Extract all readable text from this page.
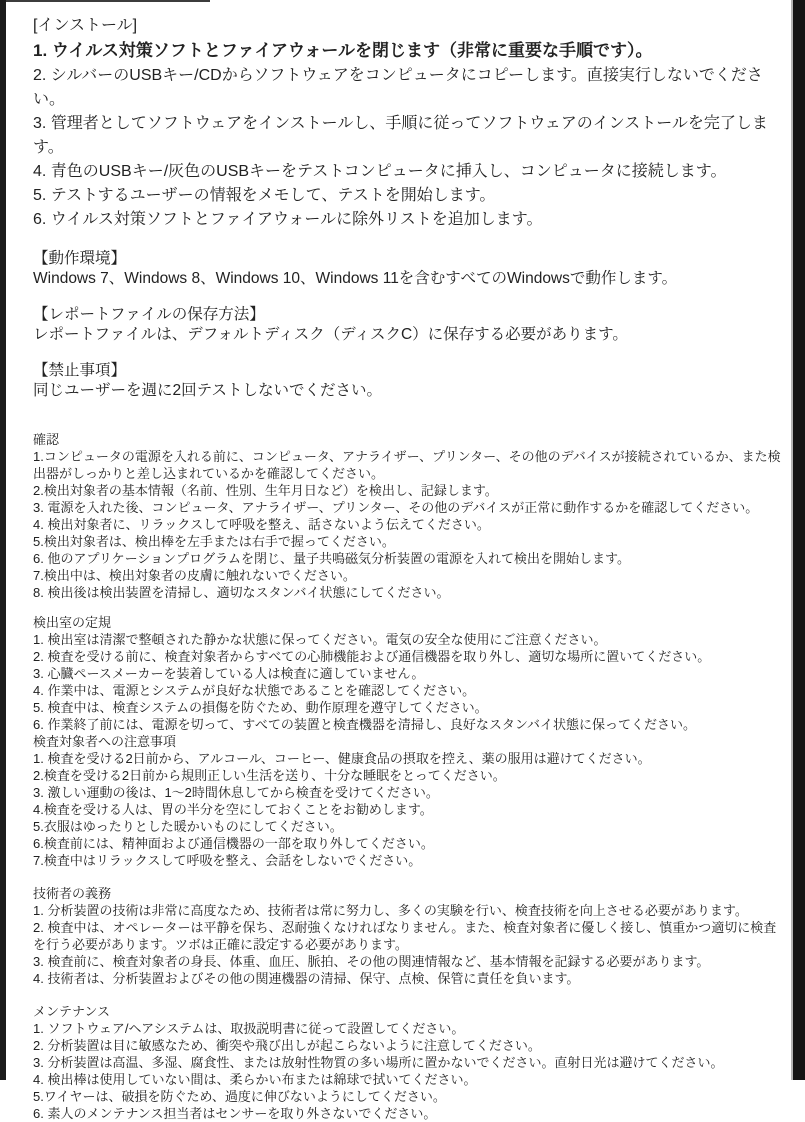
[インストール]

1. ウイルス対策ソフトとファイアウォールを閉じます（非常に重要な手順です）。

2. シルバーのUSBキー/CDからソフトウェアをコンピュータにコピーします。直接実行しないでください。

3. 管理者としてソフトウェアをインストールし、手順に従ってソフトウェアのインストールを完了します。

4. 青色のUSBキー/灰色のUSBキーをテストコンピュータに挿入し、コンピュータに接続します。

5. テストするユーザーの情報をメモして、テストを開始します。

6. ウイルス対策ソフトとファイアウォールに除外リストを追加します。

【動作環境】

Windows 7、Windows 8、Windows 10、Windows 11を含むすべてのWindowsで動作します。

【レポートファイルの保存方法】

レポートファイルは、デフォルトディスク（ディスクC）に保存する必要があります。

【禁止事項】

同じユーザーを週に2回テストしないでください。

確認

1.コンピュータの電源を入れる前に、コンピュータ、アナライザー、プリンター、その他のデバイスが接続されているか、また検出器がしっかりと差し込まれているかを確認してください。

2.検出対象者の基本情報（名前、性別、生年月日など）を検出し、記録します。

3. 電源を入れた後、コンピュータ、アナライザー、プリンター、その他のデバイスが正常に動作するかを確認してください。

4. 検出対象者に、リラックスして呼吸を整え、話さないよう伝えてください。

5.検出対象者は、検出棒を左手または右手で握ってください。

6. 他のアプリケーションプログラムを閉じ、量子共鳴磁気分析装置の電源を入れて検出を開始します。

7.検出中は、検出対象者の皮膚に触れないでください。

8. 検出後は検出装置を清掃し、適切なスタンバイ状態にしてください。

検出室の定規

1. 検出室は清潔で整頓された静かな状態に保ってください。電気の安全な使用にご注意ください。

2. 検査を受ける前に、検査対象者からすべての心肺機能および通信機器を取り外し、適切な場所に置いてください。

3. 心臓ペースメーカーを装着している人は検査に適していません。

4. 作業中は、電源とシステムが良好な状態であることを確認してください。

5. 検査中は、検査システムの損傷を防ぐため、動作原理を遵守してください。

6. 作業終了前には、電源を切って、すべての装置と検査機器を清掃し、良好なスタンバイ状態に保ってください。

検査対象者への注意事項

1. 検査を受ける2日前から、アルコール、コーヒー、健康食品の摂取を控え、薬の服用は避けてください。

2.検査を受ける2日前から規則正しい生活を送り、十分な睡眠をとってください。

3. 激しい運動の後は、1〜2時間休息してから検査を受けてください。

4.検査を受ける人は、胃の半分を空にしておくことをお勧めします。

5.衣服はゆったりとした暖かいものにしてください。

6.検査前には、精神面および通信機器の一部を取り外してください。

7.検査中はリラックスして呼吸を整え、会話をしないでください。

技術者の義務

1. 分析装置の技術は非常に高度なため、技術者は常に努力し、多くの実験を行い、検査技術を向上させる必要があります。

2. 検査中は、オペレーターは平静を保ち、忍耐強くなければなりません。また、検査対象者に優しく接し、慎重かつ適切に検査を行う必要があります。ツボは正確に設定する必要があります。

3. 検査前に、検査対象者の身長、体重、血圧、脈拍、その他の関連情報など、基本情報を記録する必要があります。

4. 技術者は、分析装置およびその他の関連機器の清掃、保守、点検、保管に責任を負います。

メンテナンス

1. ソフトウェア/ヘアシステムは、取扱説明書に従って設置してください。

2. 分析装置は目に敏感なため、衝突や飛び出しが起こらないように注意してください。

3. 分析装置は高温、多湿、腐食性、または放射性物質の多い場所に置かないでください。直射日光は避けてください。

4. 検出棒は使用していない間は、柔らかい布または綿球で拭いてください。

5.ワイヤーは、破損を防ぐため、過度に伸びないようにしてください。

6. 素人のメンテナンス担当者はセンサーを取り外さないでください。
